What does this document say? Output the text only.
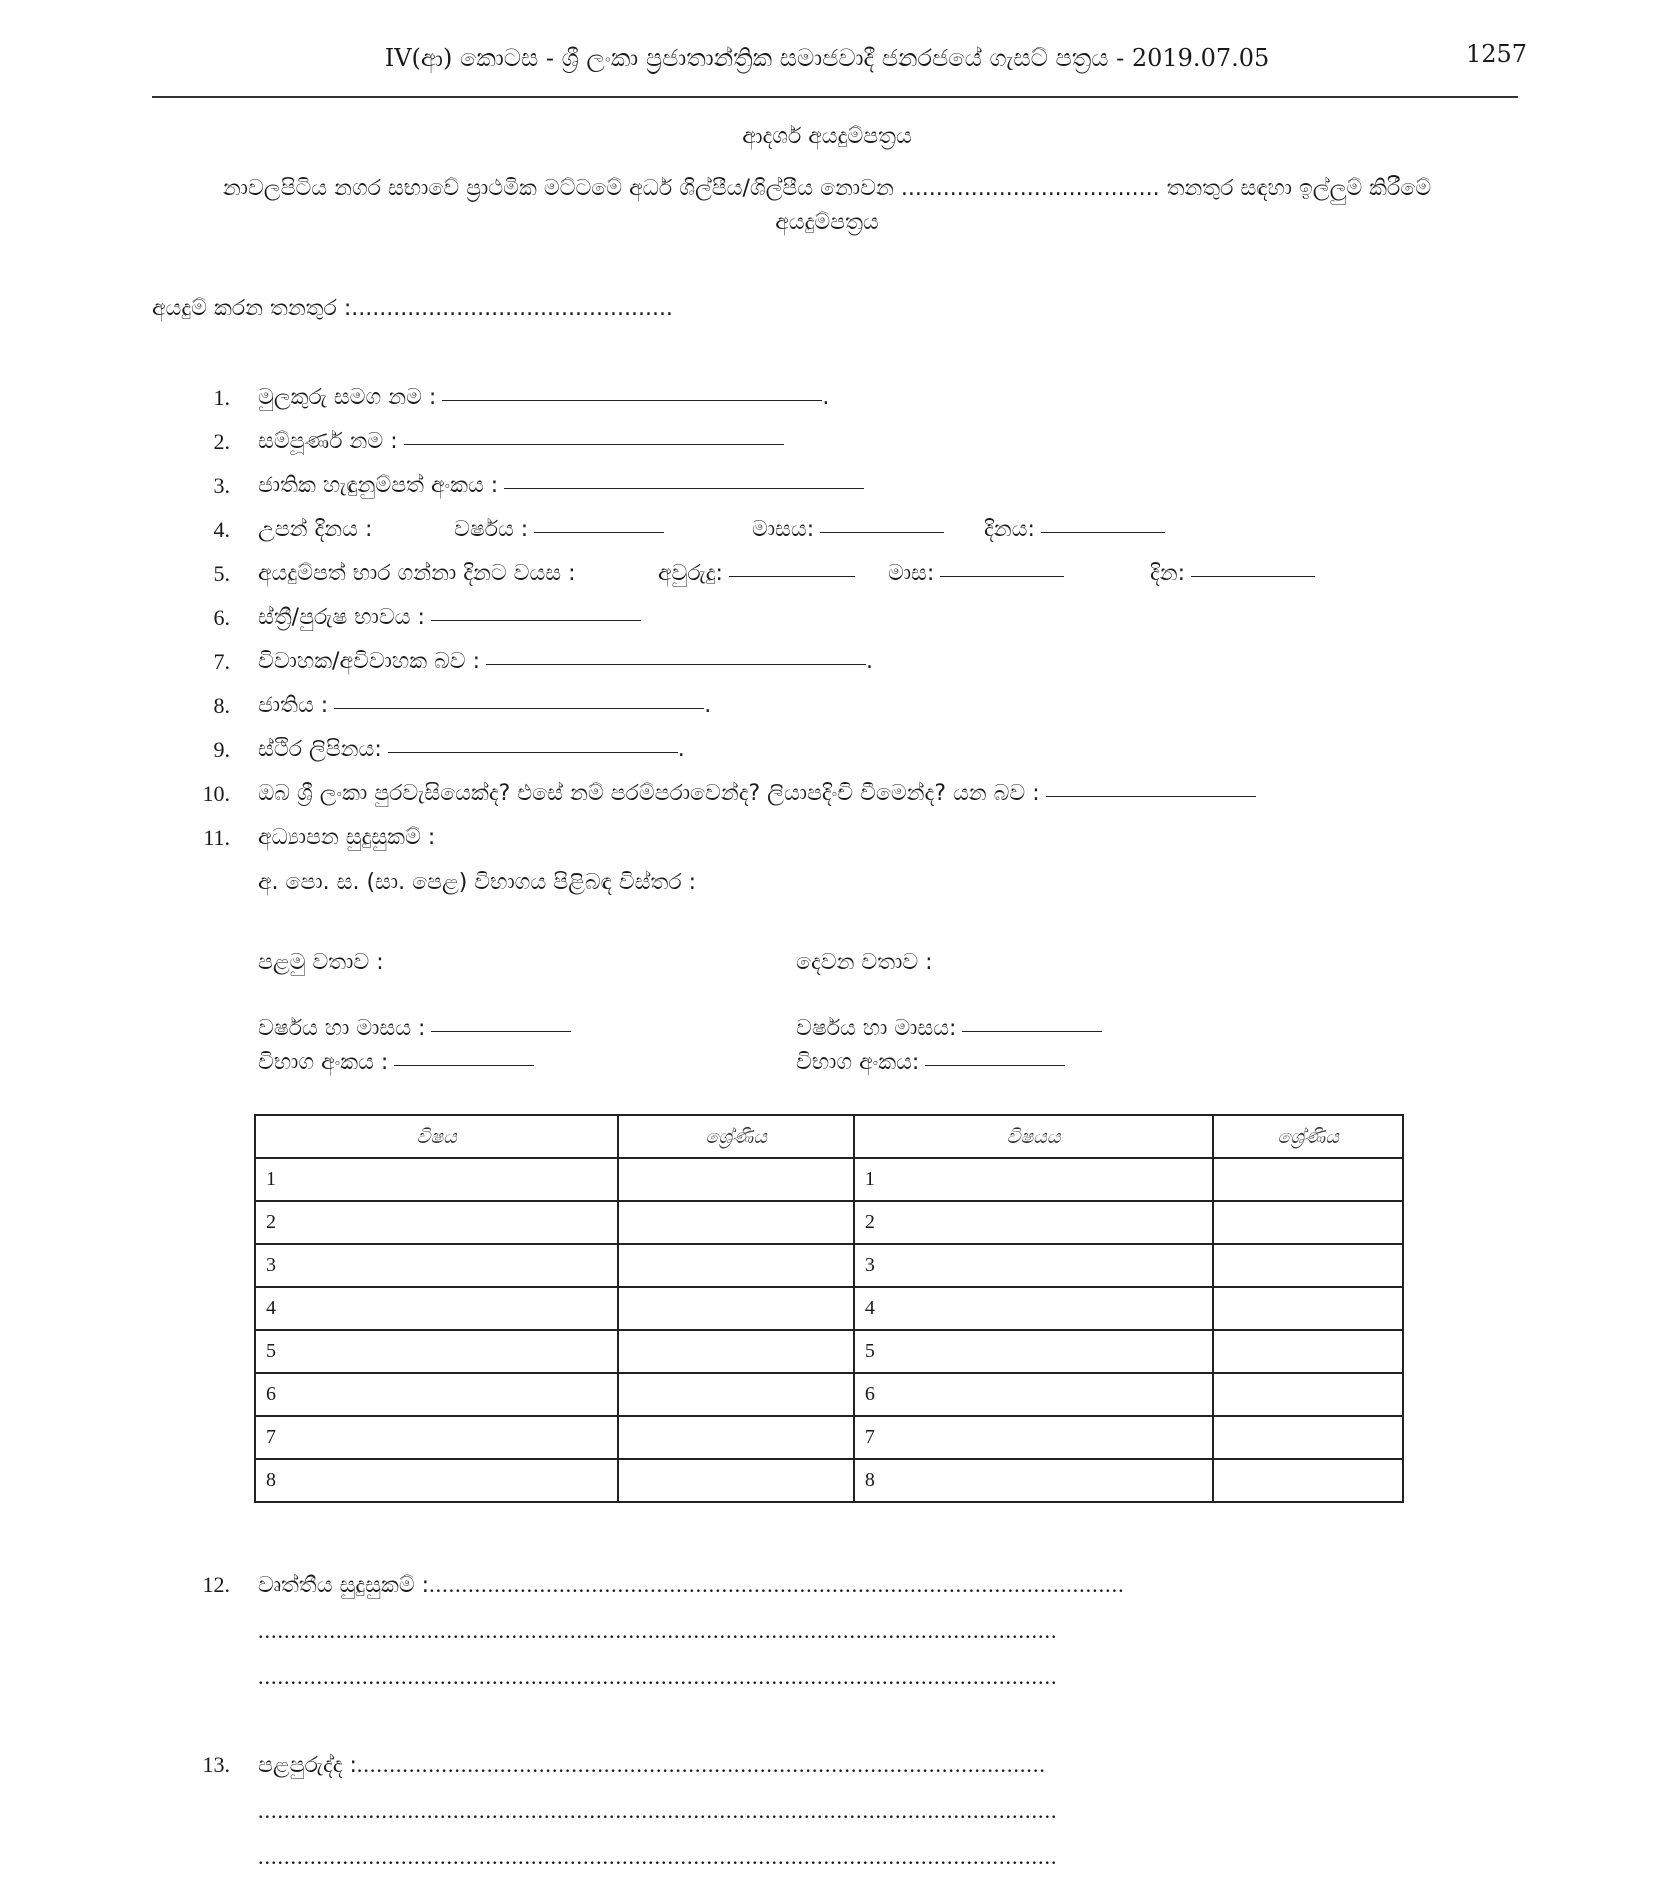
IV(ආ) කොටස - ශ්‍රී ලංකා ප්‍රජාතාන්ත්‍රික සමාජවාදී ජනරජයේ ගැසට් පත්‍රය - 2019.07.05	1257
ආදර්ශ අයදුම්පත්‍රය
නාවලපිටිය නගර සභාවේ ප්‍රාථමික මට්ටමේ අර්ධ ශිල්පීය/ශිල්පීය නොවන ..................................... තනතුර සඳහා ඉල්ලුම් කිරීමේ
අයදුම්පත්‍රය
අයදුම් කරන තනතුර :..............................................
1. මුලකුරු සමග නම :	.
2. සම්පූර්ණ නම :
3. ජාතික හැඳුනුම්පත් අංකය :
4. උපන් දිනය :	වර්ෂය :	මාසය:	දිනය:
5. අයදුම්පත් භාර ගන්නා දිනට වයස :	අවුරුදු:	මාස:	දින:
6. ස්ත්‍රී/පුරුෂ භාවය :
7. විවාහක/අවිවාහක බව :	.
8. ජාතිය :	.
9. ස්ථිර ලිපිනය:	.
10. ඔබ ශ්‍රී ලංකා පුරවැසියෙක්ද? එසේ නම් පරම්පරාවෙන්ද? ලියාපදිංචි වීමෙන්ද? යන බව :
11. අධ්‍යාපන සුදුසුකම් :
අ. පො. ස. (සා. පෙළ) විභාගය පිළිබඳ විස්තර :
පළමු වතාව :	දෙවන වතාව :
වර්ෂය හා මාසය :	වර්ෂය හා මාසය:
විභාග අංකය :	විභාග අංකය:
විෂය	ශ්‍රේණිය	විෂයය	ශ්‍රේණිය
1		1	
2		2	
3		3	
4		4	
5		5	
6		6	
7		7	
8		8	
12. වෘත්තීය සුදුසුකම් :...........................................................................................................
...........................................................................................................................
...........................................................................................................................
13. පළපුරුද්ද :..........................................................................................................
...........................................................................................................................
...........................................................................................................................
